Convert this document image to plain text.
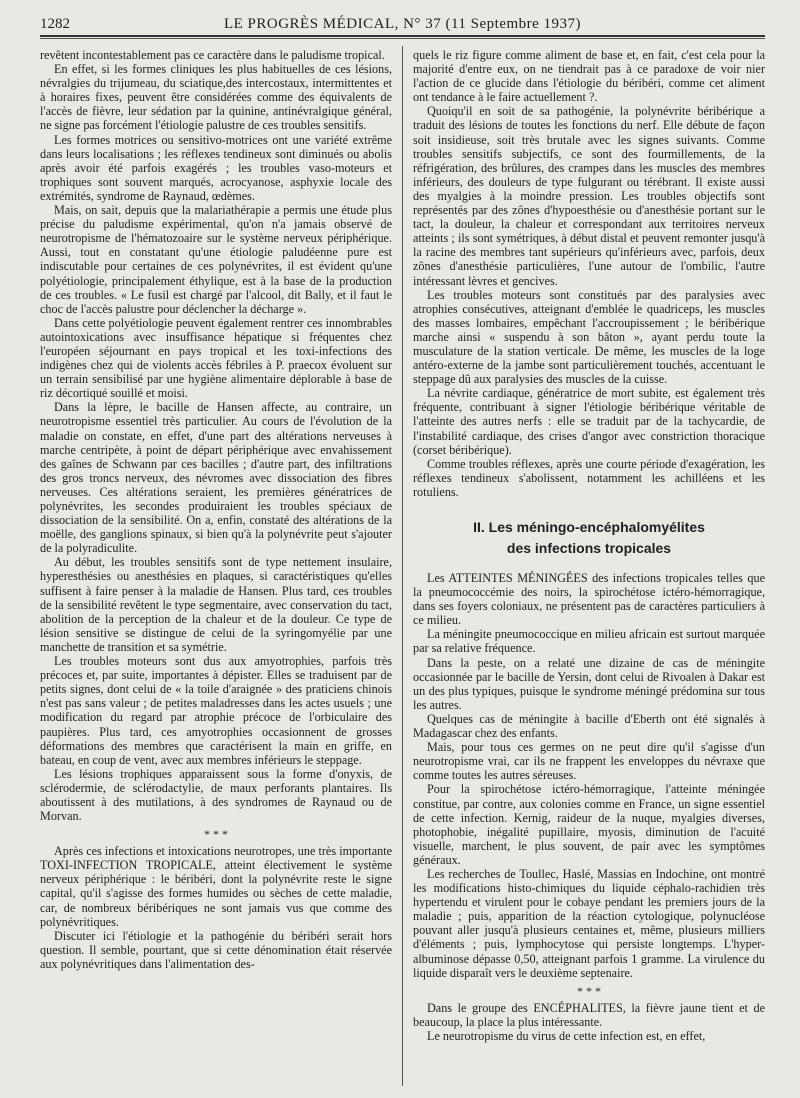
1282	LE PROGRÈS MÉDICAL, N° 37 (11 Septembre 1937)

revêtent incontestablement pas ce caractère dans le paludisme tropical.

En effet, si les formes cliniques les plus habituelles de ces lésions, névralgies du trijumeau, du sciatique,des intercostaux, intermittentes et à horaires fixes, peuvent être considérées comme des équivalents de l'accès de fièvre, leur sédation par la quinine, antinévralgique général, ne signe pas forcément l'étiologie palustre de ces troubles sensitifs.

Les formes motrices ou sensitivo-motrices ont une variété extrême dans leurs localisations ; les réflexes tendineux sont diminués ou abolis après avoir été parfois exagérés ; les troubles vaso-moteurs et trophiques sont souvent marqués, acrocyanose, asphyxie locale des extrémités, syndrome de Raynaud, œdèmes.

Mais, on sait, depuis que la malariathérapie a permis une étude plus précise du paludisme expérimental, qu'on n'a jamais observé de neurotropisme de l'hématozoaire sur le système nerveux périphérique. Aussi, tout en constatant qu'une étiologie paludéenne pure est indiscutable pour certaines de ces polynévrites, il est évident qu'une polyétiologie, principalement éthylique, est à la base de la production de ces troubles. « Le fusil est chargé par l'alcool, dit Bally, et il faut le choc de l'accès palustre pour déclencher la décharge ».

Dans cette polyétiologie peuvent également rentrer ces innombrables autointoxications avec insuffisance hépatique si fréquentes chez l'européen séjournant en pays tropical et les toxi-infections des indigènes chez qui de violents accès fébriles à P. praecox évoluent sur un terrain sensibilisé par une hygiène alimentaire déplorable à base de riz décortiqué souillé et moisi.

Dans la lèpre, le bacille de Hansen affecte, au contraire, un neurotropisme essentiel très particulier. Au cours de l'évolution de la maladie on constate, en effet, d'une part des altérations nerveuses à marche centripète, à point de départ périphérique avec envahissement des gaînes de Schwann par ces bacilles ; d'autre part, des infiltrations des gros troncs nerveux, des névromes avec dissociation des fibres nerveuses. Ces altérations seraient, les premières génératrices de polynévrites, les secondes produiraient les troubles spéciaux de dissociation de la sensibilité. On a, enfin, constaté des altérations de la moëlle, des ganglions spinaux, si bien qu'à la polynévrite peut s'ajouter de la polyradiculite.

Au début, les troubles sensitifs sont de type nettement insulaire, hyperesthésies ou anesthésies en plaques, si caractéristiques qu'elles suffisent à faire penser à la maladie de Hansen. Plus tard, ces troubles de la sensibilité revêtent le type segmentaire, avec conservation du tact, abolition de la perception de la chaleur et de la douleur. Ce type de lésion sensitive se distingue de celui de la syringomyélie par une manchette de transition et sa symétrie.

Les troubles moteurs sont dus aux amyotrophies, parfois très précoces et, par suite, importantes à dépister. Elles se traduisent par de petits signes, dont celui de « la toile d'araignée » des praticiens chinois n'est pas sans valeur ; de petites maladresses dans les actes usuels ; une modification du regard par atrophie précoce de l'orbiculaire des paupières. Plus tard, ces amyotrophies occasionnent de grosses déformations des membres que caractérisent la main en griffe, en bateau, en coup de vent, avec aux membres inférieurs le steppage.

Les lésions trophiques apparaissent sous la forme d'onyxis, de sclérodermie, de sclérodactylie, de maux perforants plantaires. Ils aboutissent à des mutilations, à des syndromes de Raynaud ou de Morvan.

* * *

Après ces infections et intoxications neurotropes, une très importante TOXI-INFECTION TROPICALE, atteint électivement le système nerveux périphérique : le béribéri, dont la polynévrite reste le signe capital, qu'il s'agisse des formes humides ou sèches de cette maladie, car, de nombreux béribériques ne sont jamais vus que comme des polynévritiques.

Discuter ici l'étiologie et la pathogénie du béribéri serait hors question. Il semble, pourtant, que si cette dénomination était réservée aux polynévritiques dans l'alimentation des-

quels le riz figure comme aliment de base et, en fait, c'est cela pour la majorité d'entre eux, on ne tiendrait pas à ce paradoxe de voir nier l'action de ce glucide dans l'étiologie du béribéri, comme cet aliment ont tendance à le faire actuellement ?.

Quoiqu'il en soit de sa pathogénie, la polynévrite béribérique a traduit des lésions de toutes les fonctions du nerf. Elle débute de façon soit insidieuse, soit très brutale avec les signes suivants. Comme troubles sensitifs subjectifs, ce sont des fourmillements, de la réfrigération, des brûlures, des crampes dans les muscles des membres inférieurs, des douleurs de type fulgurant ou térébrant. Il existe aussi des myalgies à la moindre pression. Les troubles objectifs sont représentés par des zônes d'hypoesthésie ou d'anesthésie portant sur le tact, la douleur, la chaleur et correspondant aux territoires nerveux atteints ; ils sont symétriques, à début distal et peuvent remonter jusqu'à la racine des membres tant supérieurs qu'inférieurs avec, parfois, deux zônes d'anesthésie particulières, l'une autour de l'ombilic, l'autre intéressant lèvres et gencives.

Les troubles moteurs sont constitués par des paralysies avec atrophies consécutives, atteignant d'emblée le quadriceps, les muscles des masses lombaires, empêchant l'accroupissement ; le béribérique marche ainsi « suspendu à son bâton », ayant perdu toute la musculature de la station verticale. De même, les muscles de la loge antéro-externe de la jambe sont particulièrement touchés, accentuant le steppage dû aux paralysies des muscles de la cuisse.

La névrite cardiaque, génératrice de mort subite, est également très fréquente, contribuant à signer l'étiologie béribérique véritable de l'atteinte des autres nerfs : elle se traduit par de la tachycardie, de l'instabilité cardiaque, des crises d'angor avec constriction thoracique (corset béribérique).

Comme troubles réflexes, après une courte période d'exagération, les réflexes tendineux s'abolissent, notamment les achilléens et les rotuliens.

II. Les méningo-encéphalomyélites
des infections tropicales

Les ATTEINTES MÉNINGÉES des infections tropicales telles que la pneumococcémie des noirs, la spirochétose ictéro-hémorragique, dans ses foyers coloniaux, ne présentent pas de caractères particuliers à ce milieu.

La méningite pneumococcique en milieu africain est surtout marquée par sa relative fréquence.

Dans la peste, on a relaté une dizaine de cas de méningite occasionnée par le bacille de Yersin, dont celui de Rivoalen à Dakar est un des plus typiques, puisque le syndrome méningé prédomina sur tous les autres.

Quelques cas de méningite à bacille d'Eberth ont été signalés à Madagascar chez des enfants.

Mais, pour tous ces germes on ne peut dire qu'il s'agisse d'un neurotropisme vrai, car ils ne frappent les enveloppes du névraxe que comme toutes les autres séreuses.

Pour la spirochétose ictéro-hémorragique, l'atteinte méningée constitue, par contre, aux colonies comme en France, un signe essentiel de cette infection. Kernig, raideur de la nuque, myalgies diverses, photophobie, inégalité pupillaire, myosis, diminution de l'acuité visuelle, marchent, le plus souvent, de pair avec les symptômes généraux.

Les recherches de Toullec, Haslé, Massias en Indochine, ont montré les modifications histo-chimiques du liquide céphalo-rachidien très hypertendu et virulent pour le cobaye pendant les premiers jours de la maladie ; puis, apparition de la réaction cytologique, polynucléose pouvant aller jusqu'à plusieurs centaines et, même, plusieurs milliers d'éléments ; puis, lymphocytose qui persiste longtemps. L'hyper-albuminose dépasse 0,50, atteignant parfois 1 gramme. La virulence du liquide disparaît vers le deuxième septenaire.

* * *

Dans le groupe des ENCÉPHALITES, la fièvre jaune tient et de beaucoup, la place la plus intéressante.

Le neurotropisme du virus de cette infection est, en effet,
